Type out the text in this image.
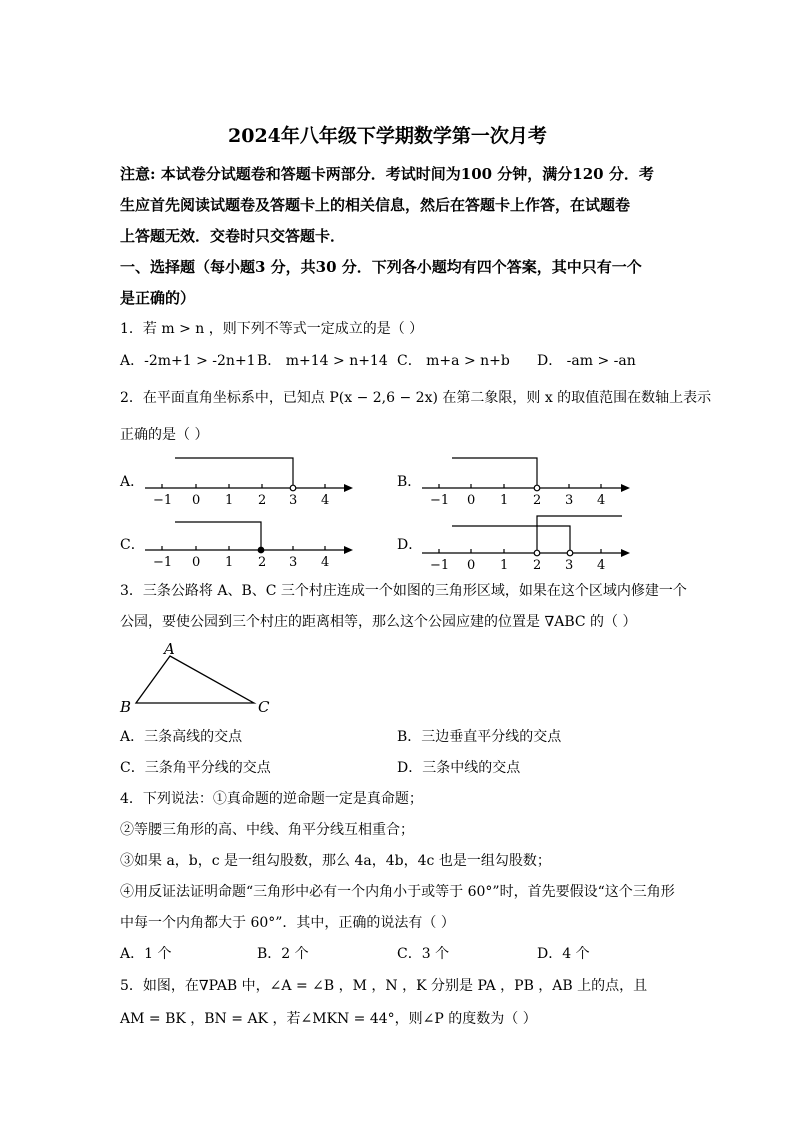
2024年八年级下学期数学第一次月考
注意: 本试卷分试题卷和答题卡两部分．考试时间为100 分钟，满分120 分．考
生应首先阅读试题卷及答题卡上的相关信息，然后在答题卡上作答，在试题卷
上答题无效．交卷时只交答题卡．
一、选择题（每小题3 分，共30 分．下列各小题均有四个答案，其中只有一个
是正确的）
1．若 m > n ，则下列不等式一定成立的是（ ）
A．-2m+1 > -2n+1 B． m+14 > n+14 C． m+a > n+b D． -am > -an
2．在平面直角坐标系中，已知点 P(x − 2,6 − 2x) 在第二象限，则 x 的取值范围在数轴上表示
正确的是（ ）
A．	B．
C．	D．
−1 0 1 2 3 4	−1 0 1 2 3 4
−1 0 1 2 3 4	−1 0 1 2 3 4
3．三条公路将 A、B、C 三个村庄连成一个如图的三角形区域，如果在这个区域内修建一个
公园，要使公园到三个村庄的距离相等，那么这个公园应建的位置是 ∇ABC 的（ ）
A
B	C
A．三条高线的交点	B．三边垂直平分线的交点
C．三条角平分线的交点	D．三条中线的交点
4．下列说法：①真命题的逆命题一定是真命题；
②等腰三角形的高、中线、角平分线互相重合；
③如果 a，b，c 是一组勾股数，那么 4a，4b，4c 也是一组勾股数；
④用反证法证明命题“三角形中必有一个内角小于或等于 60°”时，首先要假设“这个三角形
中每一个内角都大于 60°”．其中，正确的说法有（ ）
A．1 个	B．2 个	C．3 个	D．4 个
5．如图，在∇PAB 中，∠A = ∠B ，M ，N ，K 分别是 PA ，PB ，AB 上的点，且
AM = BK ，BN = AK ，若∠MKN = 44°，则∠P 的度数为（ ）
